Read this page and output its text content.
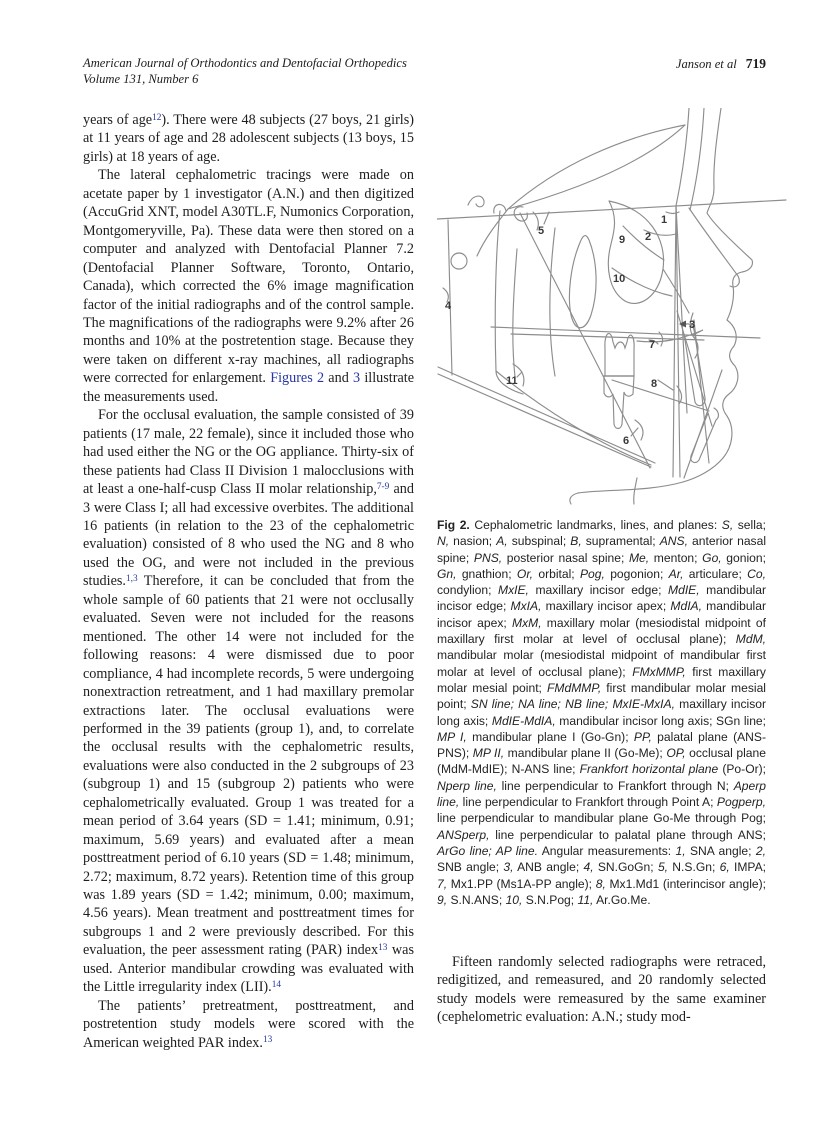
American Journal of Orthodontics and Dentofacial Orthopedics
Volume 131, Number 6
Janson et al 719
years of age$^{12}$). There were 48 subjects (27 boys, 21 girls) at 11 years of age and 28 adolescent subjects (13 boys, 15 girls) at 18 years of age.
The lateral cephalometric tracings were made on acetate paper by 1 investigator (A.N.) and then digitized (AccuGrid XNT, model A30TL.F, Numonics Corporation, Montgomeryville, Pa). These data were then stored on a computer and analyzed with Dentofacial Planner 7.2 (Dentofacial Planner Software, Toronto, Ontario, Canada), which corrected the 6% image magnification factor of the initial radiographs and of the control sample. The magnifications of the radiographs were 9.2% after 26 months and 10% at the postretention stage. Because they were taken on different x-ray machines, all radiographs were corrected for enlargement. Figures 2 and 3 illustrate the measurements used.
For the occlusal evaluation, the sample consisted of 39 patients (17 male, 22 female), since it included those who had used either the NG or the OG appliance. Thirty-six of these patients had Class II Division 1 malocclusions with at least a one-half-cusp Class II molar relationship,$^{7-9}$ and 3 were Class I; all had excessive overbites. The additional 16 patients (in relation to the 23 of the cephalometric evaluation) consisted of 8 who used the NG and 8 who used the OG, and were not included in the previous studies.$^{1,3}$ Therefore, it can be concluded that from the whole sample of 60 patients that 21 were not occlusally evaluated. Seven were not included for the reasons mentioned. The other 14 were not included for the following reasons: 4 were dismissed due to poor compliance, 4 had incomplete records, 5 were undergoing nonextraction retreatment, and 1 had maxillary premolar extractions later. The occlusal evaluations were performed in the 39 patients (group 1), and, to correlate the occlusal results with the cephalometric results, evaluations were also conducted in the 2 subgroups of 23 (subgroup 1) and 15 (subgroup 2) patients who were cephalometrically evaluated. Group 1 was treated for a mean period of 3.64 years (SD = 1.41; minimum, 0.91; maximum, 5.69 years) and evaluated after a mean posttreatment period of 6.10 years (SD = 1.48; minimum, 2.72; maximum, 8.72 years). Retention time of this group was 1.89 years (SD = 1.42; minimum, 0.00; maximum, 4.56 years). Mean treatment and posttreatment times for subgroups 1 and 2 were previously described. For this evaluation, the peer assessment rating (PAR) index$^{13}$ was used. Anterior mandibular crowding was evaluated with the Little irregularity index (LII).$^{14}$
The patients’ pretreatment, posttreatment, and postretention study models were scored with the American weighted PAR index.$^{13}$
1
2
9
10
5
4
3
7
8
11
6
Fig 2. Cephalometric landmarks, lines, and planes: S, sella; N, nasion; A, subspinal; B, supramental; ANS, anterior nasal spine; PNS, posterior nasal spine; Me, menton; Go, gonion; Gn, gnathion; Or, orbital; Pog, pogonion; Ar, articulare; Co, condylion; MxIE, maxillary incisor edge; MdIE, mandibular incisor edge; MxIA, maxillary incisor apex; MdIA, mandibular incisor apex; MxM, maxillary molar (mesiodistal midpoint of maxillary first molar at level of occlusal plane); MdM, mandibular molar (mesiodistal midpoint of mandibular first molar at level of occlusal plane); FMxMMP, first maxillary molar mesial point; FMdMMP, first mandibular molar mesial point; SN line; NA line; NB line; MxIE-MxIA, maxillary incisor long axis; MdIE-MdIA, mandibular incisor long axis; SGn line; MP I, mandibular plane I (Go-Gn); PP, palatal plane (ANS-PNS); MP II, mandibular plane II (Go-Me); OP, occlusal plane (MdM-MdIE); N-ANS line; Frankfort horizontal plane (Po-Or); Nperp line, line perpendicular to Frankfort through N; Aperp line, line perpendicular to Frankfort through Point A; Pogperp, line perpendicular to mandibular plane Go-Me through Pog; ANSperp, line perpendicular to palatal plane through ANS; ArGo line; AP line. Angular measurements: 1, SNA angle; 2, SNB angle; 3, ANB angle; 4, SN.GoGn; 5, N.S.Gn; 6, IMPA; 7, Mx1.PP (Ms1A-PP angle); 8, Mx1.Md1 (interincisor angle); 9, S.N.ANS; 10, S.N.Pog; 11, Ar.Go.Me.
Fifteen randomly selected radiographs were retraced, redigitized, and remeasured, and 20 randomly selected study models were remeasured by the same examiner (cephelometric evaluation: A.N.; study mod-
